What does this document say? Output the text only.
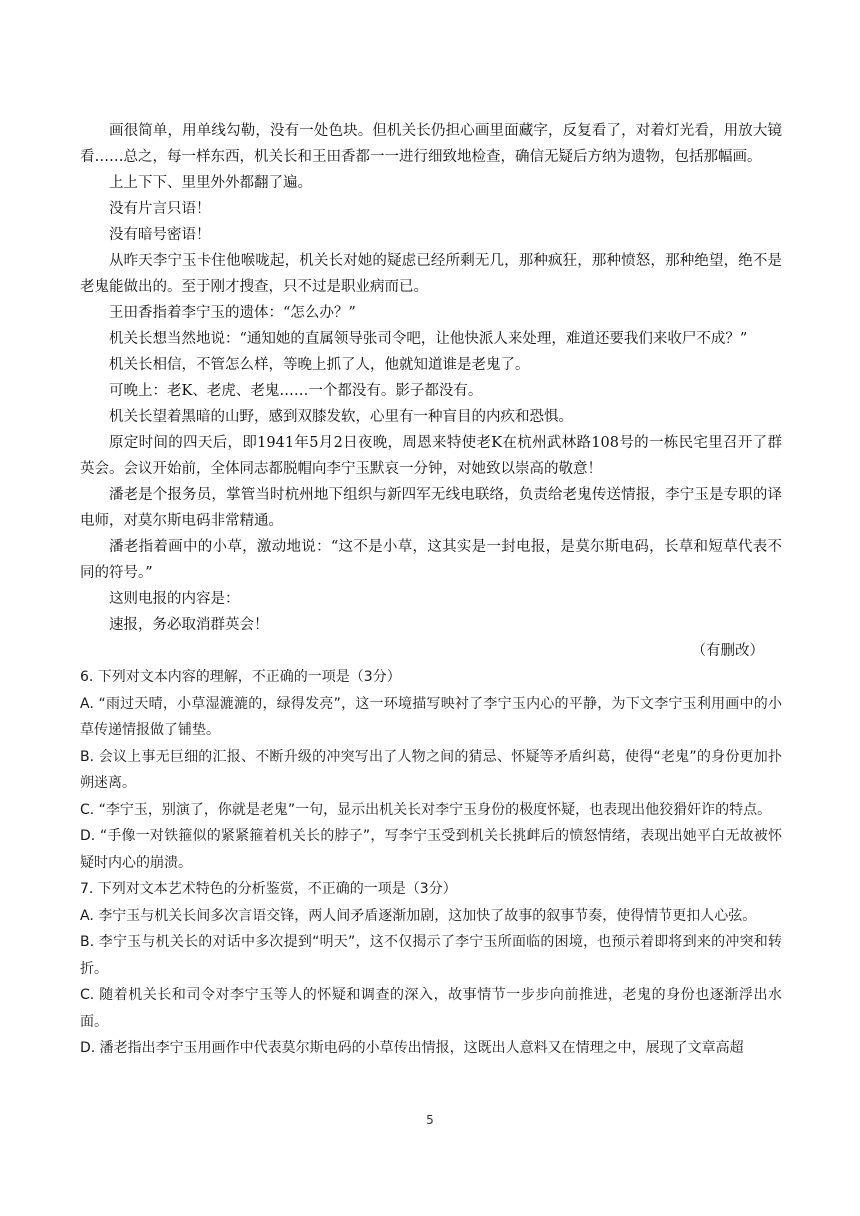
画很简单，用单线勾勒，没有一处色块。但机关长仍担心画里面藏字，反复看了，对着灯光看，用放大镜看……总之，每一样东西，机关长和王田香都一一进行细致地检查，确信无疑后方纳为遗物，包括那幅画。

上上下下、里里外外都翻了遍。

没有片言只语！

没有暗号密语！

从昨天李宁玉卡住他喉咙起，机关长对她的疑虑已经所剩无几，那种疯狂，那种愤怒，那种绝望，绝不是老鬼能做出的。至于刚才搜查，只不过是职业病而已。

王田香指着李宁玉的遗体：“怎么办？”

机关长想当然地说：“通知她的直属领导张司令吧，让他快派人来处理，难道还要我们来收尸不成？”

机关长相信，不管怎么样，等晚上抓了人，他就知道谁是老鬼了。

可晚上：老K、老虎、老鬼……一个都没有。影子都没有。

机关长望着黑暗的山野，感到双膝发软，心里有一种盲目的内疚和恐惧。

原定时间的四天后，即1941年5月2日夜晚，周恩来特使老K在杭州武林路108号的一栋民宅里召开了群英会。会议开始前，全体同志都脱帽向李宁玉默哀一分钟，对她致以崇高的敬意！

潘老是个报务员，掌管当时杭州地下组织与新四军无线电联络，负责给老鬼传送情报，李宁玉是专职的译电师，对莫尔斯电码非常精通。

潘老指着画中的小草，激动地说：“这不是小草，这其实是一封电报，是莫尔斯电码，长草和短草代表不同的符号。”

这则电报的内容是：

速报，务必取消群英会！

（有删改）

6. 下列对文本内容的理解，不正确的一项是（3分）

A. “雨过天晴，小草湿漉漉的，绿得发亮”，这一环境描写映衬了李宁玉内心的平静，为下文李宁玉利用画中的小草传递情报做了铺垫。

B. 会议上事无巨细的汇报、不断升级的冲突写出了人物之间的猜忌、怀疑等矛盾纠葛，使得“老鬼”的身份更加扑朔迷离。

C. “李宁玉，别演了，你就是老鬼”一句，显示出机关长对李宁玉身份的极度怀疑，也表现出他狡猾奸诈的特点。

D. “手像一对铁箍似的紧紧箍着机关长的脖子”，写李宁玉受到机关长挑衅后的愤怒情绪，表现出她平白无故被怀疑时内心的崩溃。

7. 下列对文本艺术特色的分析鉴赏，不正确的一项是（3分）

A. 李宁玉与机关长间多次言语交锋，两人间矛盾逐渐加剧，这加快了故事的叙事节奏，使得情节更扣人心弦。

B. 李宁玉与机关长的对话中多次提到“明天”，这不仅揭示了李宁玉所面临的困境，也预示着即将到来的冲突和转折。

C. 随着机关长和司令对李宁玉等人的怀疑和调查的深入，故事情节一步步向前推进，老鬼的身份也逐渐浮出水面。

D. 潘老指出李宁玉用画作中代表莫尔斯电码的小草传出情报，这既出人意料又在情理之中，展现了文章高超

5
